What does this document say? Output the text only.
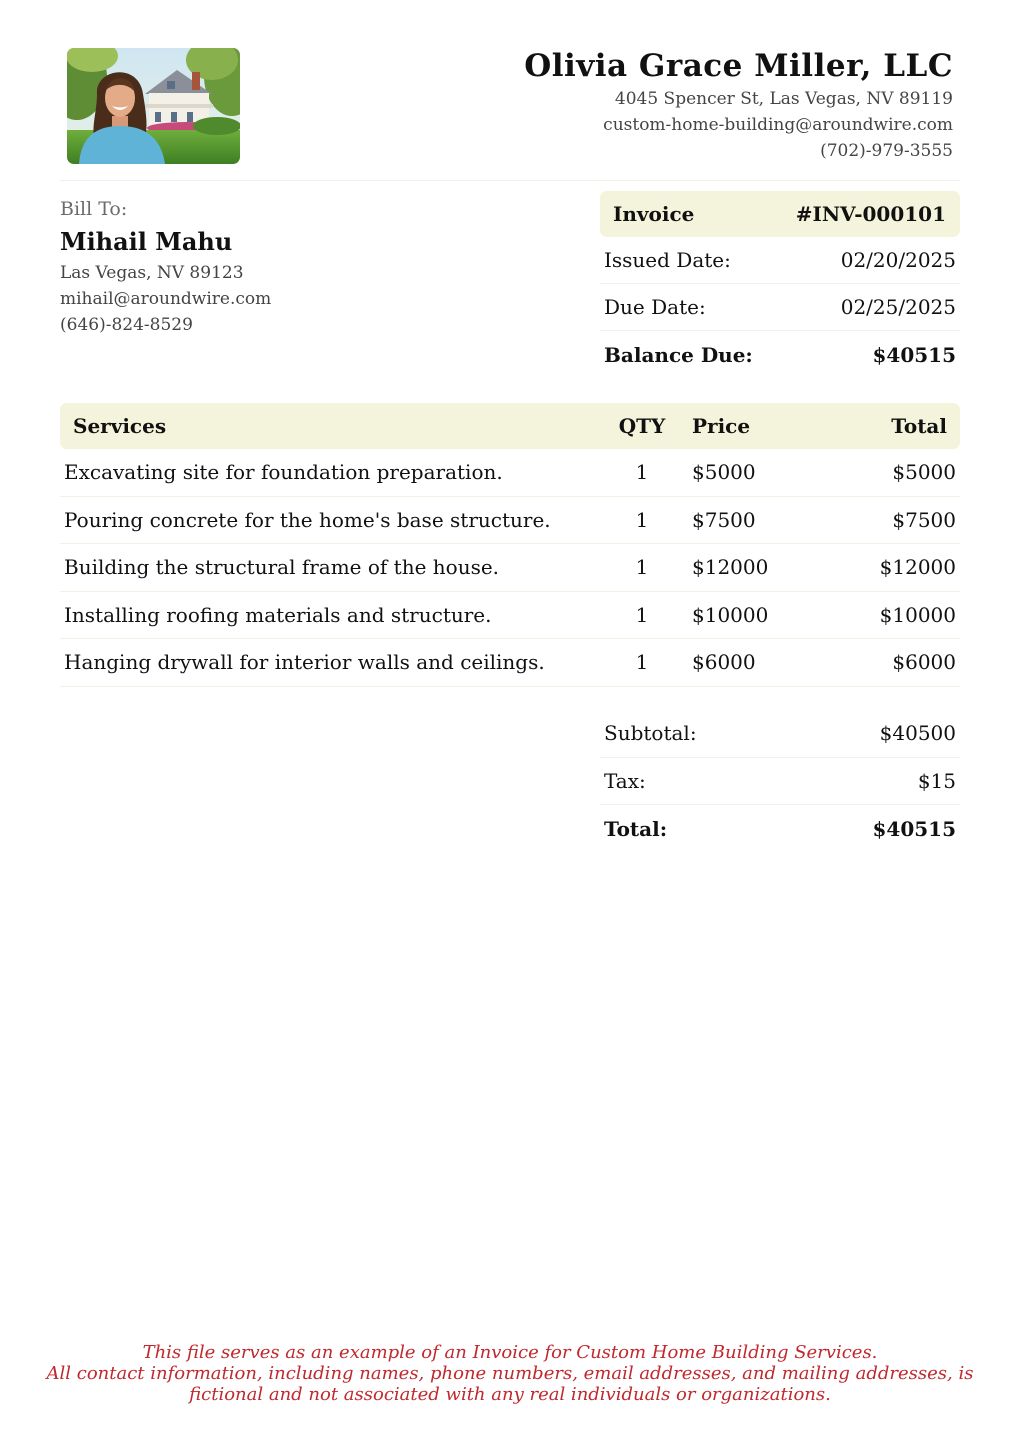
Olivia Grace Miller, LLC
4045 Spencer St, Las Vegas, NV 89119
custom-home-building@aroundwire.com
(702)-979-3555
Bill To:
Mihail Mahu
Las Vegas, NV 89123
mihail@aroundwire.com
(646)-824-8529
Invoice	#INV-000101
Issued Date:	02/20/2025
Due Date:	02/25/2025
Balance Due:	$40515
Services	QTY	Price	Total
Excavating site for foundation preparation.	1	$5000	$5000
Pouring concrete for the home's base structure.	1	$7500	$7500
Building the structural frame of the house.	1	$12000	$12000
Installing roofing materials and structure.	1	$10000	$10000
Hanging drywall for interior walls and ceilings.	1	$6000	$6000
Subtotal:	$40500
Tax:	$15
Total:	$40515
This file serves as an example of an Invoice for Custom Home Building Services.
All contact information, including names, phone numbers, email addresses, and mailing addresses, is
fictional and not associated with any real individuals or organizations.
